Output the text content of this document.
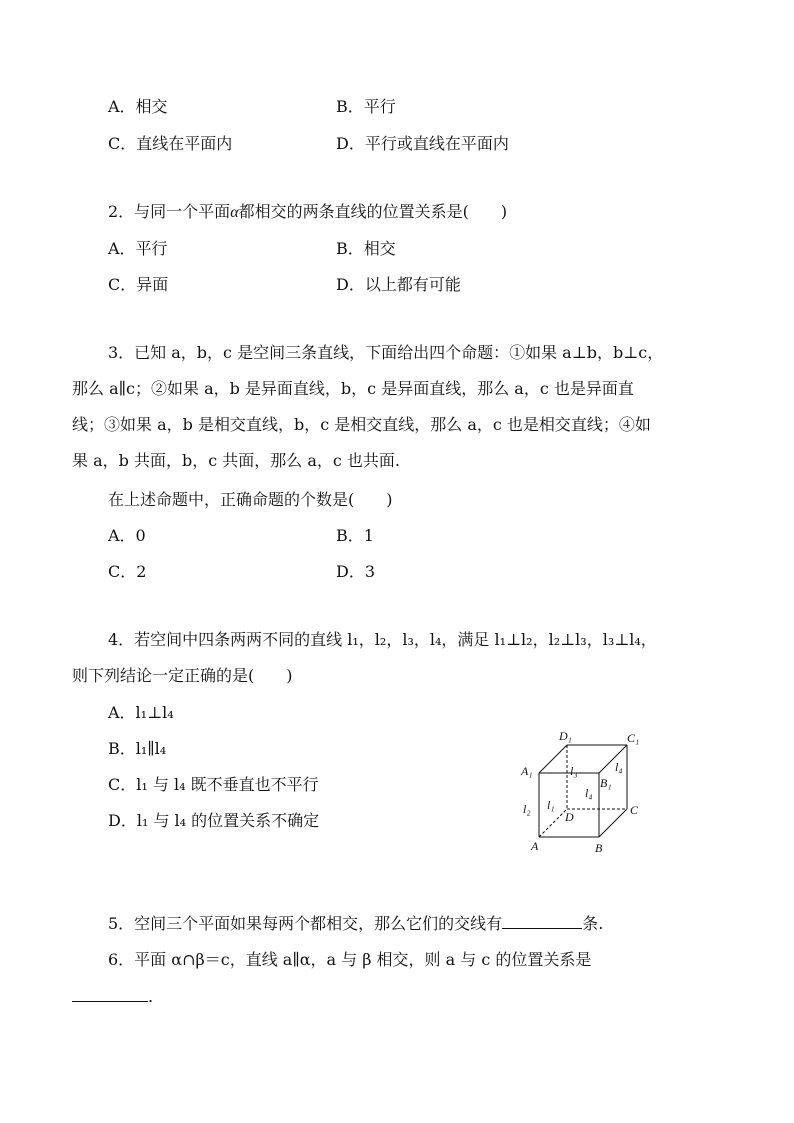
A．相交	B．平行
C．直线在平面内	D．平行或直线在平面内
2．与同一个平面α都相交的两条直线的位置关系是(　　)
A．平行	B．相交
C．异面	D．以上都有可能
3．已知 a，b，c 是空间三条直线，下面给出四个命题：①如果 a⊥b，b⊥c，
那么 a∥c；②如果 a，b 是异面直线，b，c 是异面直线，那么 a，c 也是异面直
线；③如果 a，b 是相交直线，b，c 是相交直线，那么 a，c 也是相交直线；④如
果 a，b 共面，b，c 共面，那么 a，c 也共面.
在上述命题中，正确命题的个数是(　　)
A．0	B．1
C．2	D．3
4．若空间中四条两两不同的直线 l₁，l₂，l₃，l₄，满足 l₁⊥l₂，l₂⊥l₃，l₃⊥l₄，
则下列结论一定正确的是(　　)
A．l₁⊥l₄
B．l₁∥l₄
C．l₁ 与 l₄ 既不垂直也不平行
D．l₁ 与 l₄ 的位置关系不确定
D₁	C₁
A₁
B₁
C
D
A	B
l₃	l₄
l₄
l₁
l₂
5．空间三个平面如果每两个都相交，那么它们的交线有	条.
6．平面 α∩β＝c，直线 a∥α，a 与 β 相交，则 a 与 c 的位置关系是
.
